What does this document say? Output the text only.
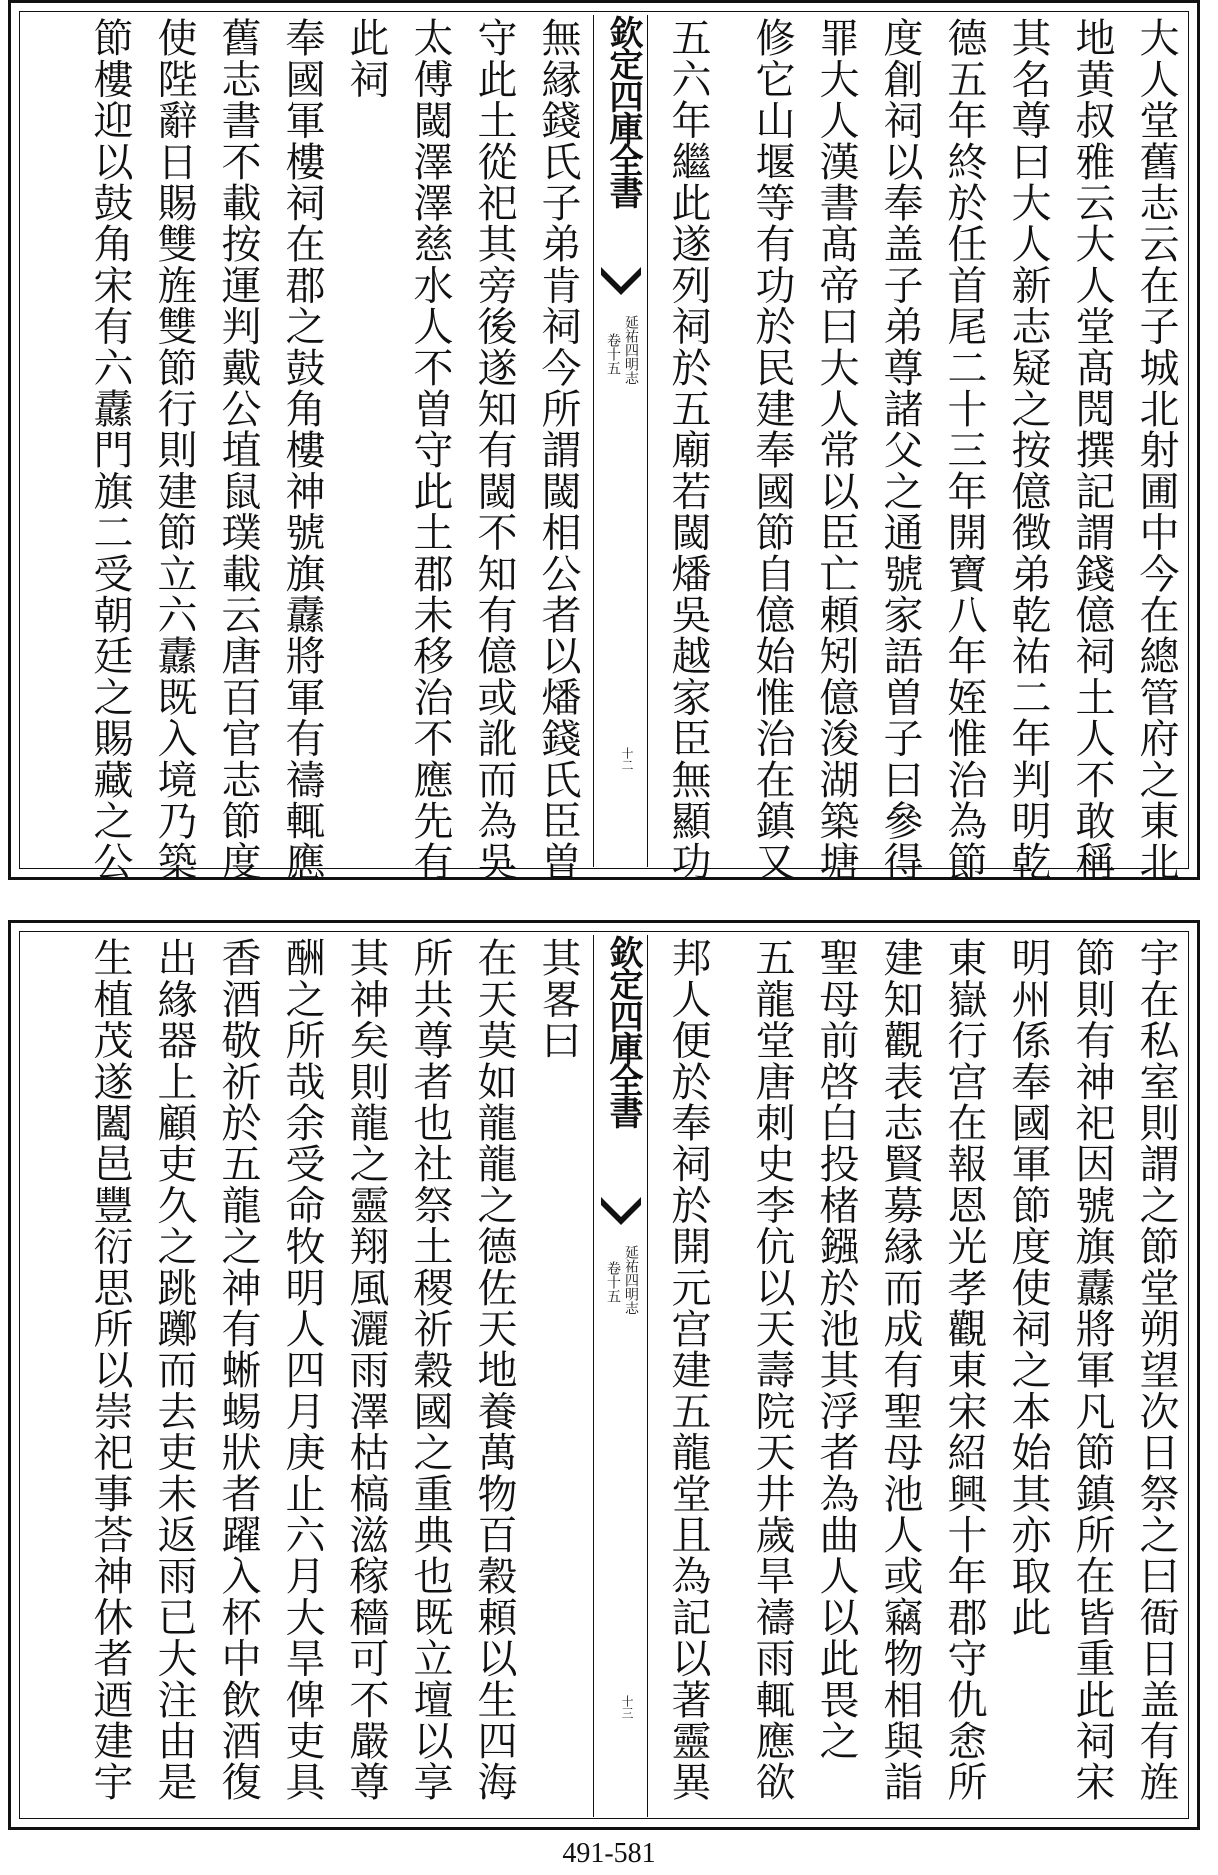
大人堂舊志云在子城北射圃中今在總管府之東北
地黄叔雅云大人堂髙閌撰記謂錢億祠土人不敢稱
其名尊曰大人新志疑之按億徴弟乾祐二年判明乾
德五年終於任首尾二十三年開寶八年姪惟治為節
度創祠以奉盖子弟尊諸父之通號家語曽子曰參得
罪大人漢書髙帝曰大人常以臣亡頼矧億浚湖築塘
修它山堰等有功於民建奉國節自億始惟治在鎮又
五六年繼此遂列祠於五廟若閾燔吳越家臣無顯功
欽定四庫全書
延祐四明志
卷十五
十二
無縁錢氏子弟肯祠今所謂閾相公者以燔錢氏臣曽
守此土從祀其旁後遂知有閾不知有億或訛而為吳
太傅閾澤澤慈水人不曽守此土郡未移治不應先有
此祠
奉國軍樓祠在郡之鼓角樓神號旗纛將軍有禱輒應
舊志書不載按運判戴公埴鼠璞載云唐百官志節度
使陛辭日賜雙旌雙節行則建節立六纛既入境乃築
節樓迎以鼓角宋有六纛門旗二受朝廷之賜藏之公
宇在私室則謂之節堂朔望次日祭之曰衙日盖有旌
節則有神祀因號旗纛將軍凡節鎮所在皆重此祠宋
明州係奉國軍節度使祠之本始其亦取此
東嶽行宫在報恩光孝觀東宋紹興十年郡守仇悆所
建知觀表志賢募縁而成有聖母池人或竊物相與詣
聖母前啓白投楮鏹於池其浮者為曲人以此畏之
五龍堂唐刺史李伉以天壽院天井歲旱禱雨輒應欲
邦人便於奉祠於開元宫建五龍堂且為記以著靈異
欽定四庫全書
延祐四明志
卷十五
十三
其畧曰
在天莫如龍龍之德佐天地養萬物百穀頼以生四海
所共尊者也社祭土稷祈穀國之重典也既立壇以享
其神矣則龍之靈翔風灑雨澤枯槁滋稼穡可不嚴尊
酬之所哉余受命牧明人四月庚止六月大旱俾吏具
香酒敬祈於五龍之神有蜥蜴狀者躍入杯中飲酒復
出緣器上顧吏久之跳躑而去吏未返雨已大注由是
生植茂遂闔邑豐衍思所以崇祀事荅神休者迺建宇
491-581
